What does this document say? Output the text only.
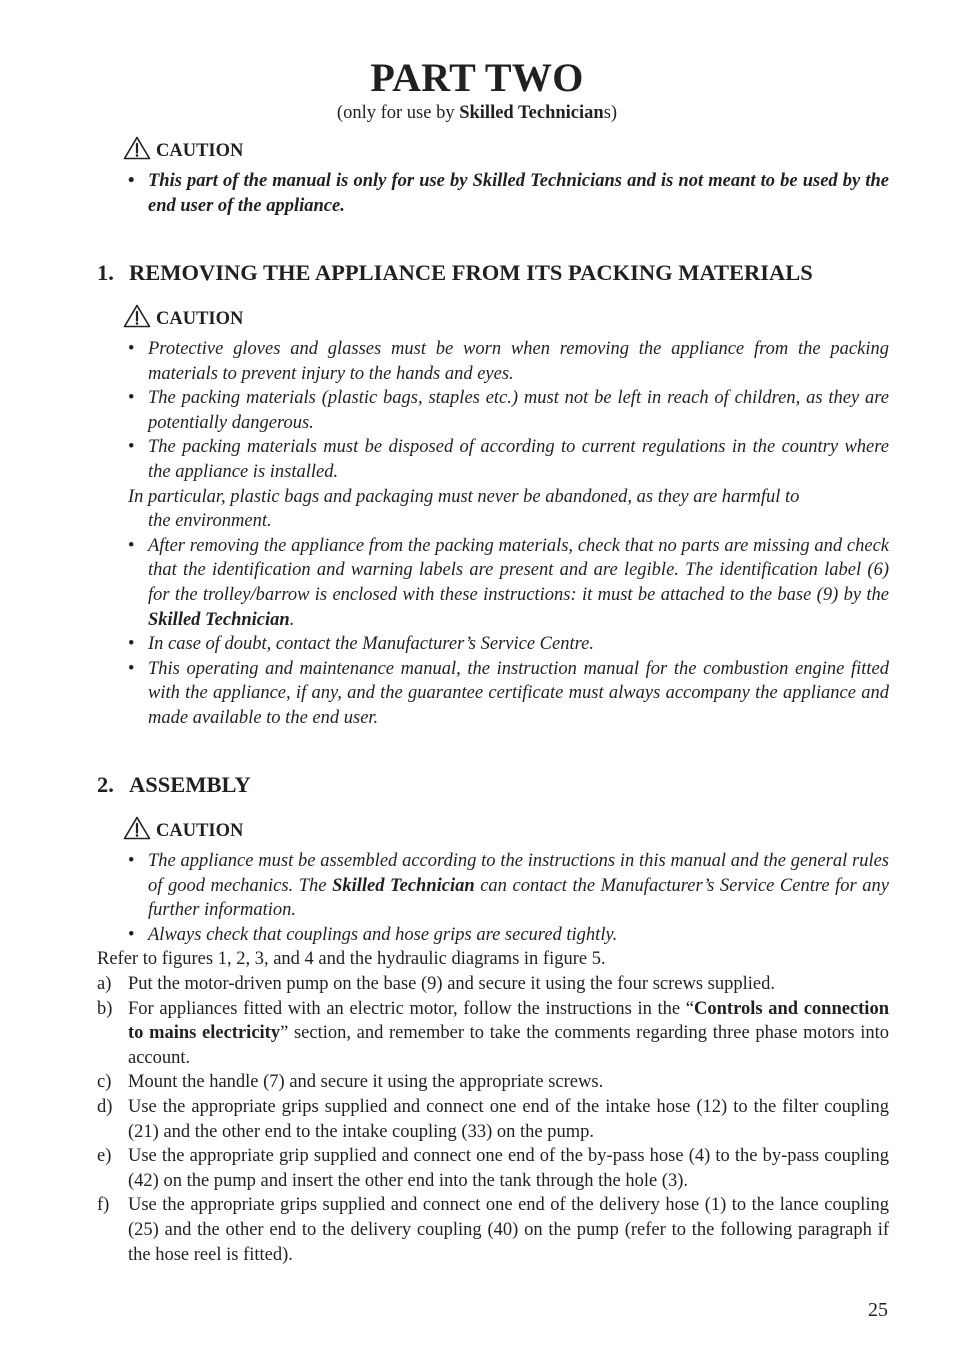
PART TWO
(only for use by Skilled Technicians)
CAUTION
• This part of the manual is only for use by Skilled Technicians and is not meant to be used by the end user of the appliance.
1. REMOVING THE APPLIANCE FROM ITS PACKING MATERIALS
CAUTION
• Protective gloves and glasses must be worn when removing the appliance from the packing materials to prevent injury to the hands and eyes.
• The packing materials (plastic bags, staples etc.) must not be left in reach of children, as they are potentially dangerous.
• The packing materials must be disposed of according to current regulations in the country where the appliance is installed.
In particular, plastic bags and packaging must never be abandoned, as they are harmful to
the environment.
• After removing the appliance from the packing materials, check that no parts are missing and check that the identification and warning labels are present and are legible. The identification label (6) for the trolley/barrow is enclosed with these instructions: it must be attached to the base (9) by the Skilled Technician.
• In case of doubt, contact the Manufacturer’s Service Centre.
• This operating and maintenance manual, the instruction manual for the combustion engine fitted with the appliance, if any, and the guarantee certificate must always accompany the appliance and made available to the end user.
2. ASSEMBLY
CAUTION
• The appliance must be assembled according to the instructions in this manual and the general rules of good mechanics. The Skilled Technician can contact the Manufacturer’s Service Centre for any further information.
• Always check that couplings and hose grips are secured tightly.
Refer to figures 1, 2, 3, and 4 and the hydraulic diagrams in figure 5.
a) Put the motor-driven pump on the base (9) and secure it using the four screws supplied.
b) For appliances fitted with an electric motor, follow the instructions in the “Controls and connection to mains electricity” section, and remember to take the comments regarding three phase motors into account.
c) Mount the handle (7) and secure it using the appropriate screws.
d) Use the appropriate grips supplied and connect one end of the intake hose (12) to the filter coupling (21) and the other end to the intake coupling (33) on the pump.
e) Use the appropriate grip supplied and connect one end of the by-pass hose (4) to the by-pass coupling (42) on the pump and insert the other end into the tank through the hole (3).
f) Use the appropriate grips supplied and connect one end of the delivery hose (1) to the lance coupling (25) and the other end to the delivery coupling (40) on the pump (refer to the following paragraph if the hose reel is fitted).
25
